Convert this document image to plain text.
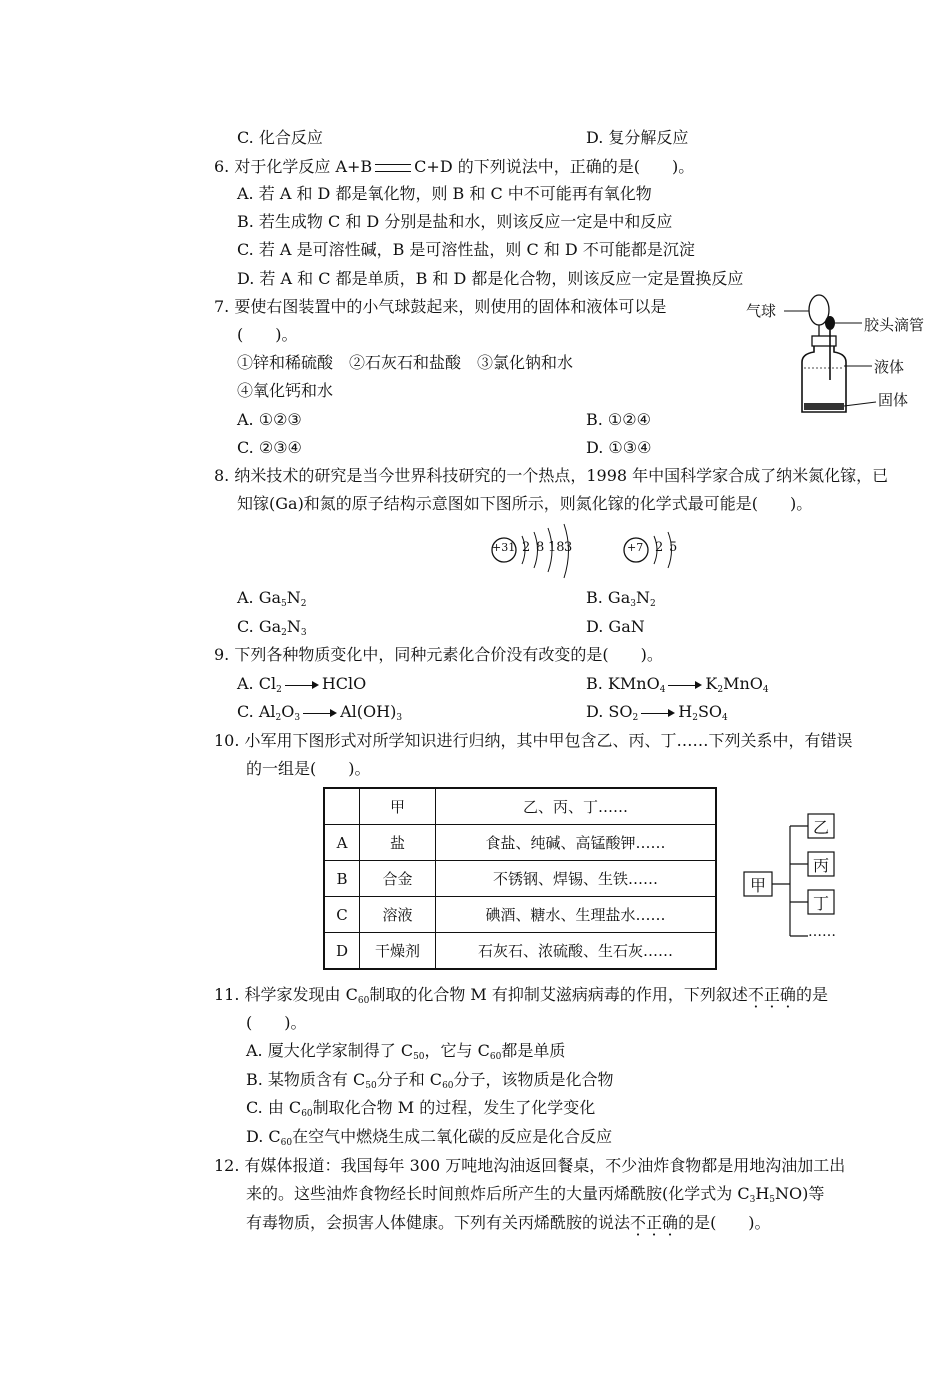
C. 化合反应	D. 复分解反应
6. 对于化学反应 A+B	C+D 的下列说法中，正确的是(　　)。
A. 若 A 和 D 都是氧化物，则 B 和 C 中不可能再有氧化物
B. 若生成物 C 和 D 分别是盐和水，则该反应一定是中和反应
C. 若 A 是可溶性碱，B 是可溶性盐，则 C 和 D 不可能都是沉淀
D. 若 A 和 C 都是单质，B 和 D 都是化合物，则该反应一定是置换反应
7. 要使右图装置中的小气球鼓起来，则使用的固体和液体可以是
(　　)。
①锌和稀硫酸　②石灰石和盐酸　③氯化钠和水
④氧化钙和水
A. ①②③	B. ①②④
C. ②③④	D. ①③④
气球
胶头滴管
液体
固体
8. 纳米技术的研究是当今世界科技研究的一个热点，1998 年中国科学家合成了纳米氮化镓，已
知镓(Ga)和氮的原子结构示意图如下图所示，则氮化镓的化学式最可能是(　　)。
+31 2 8 18 3	+7 2 5
A. $Ga_5N_2$	B. $Ga_3N_2$
C. $Ga_2N_3$	D. GaN
9. 下列各种物质变化中，同种元素化合价没有改变的是(　　)。
A. $Cl_2$	HClO	B. KMnO$_4$	$K_2MnO_4$
C. $Al_2O_3$	$Al(OH)_3$	D. $SO_2$	$H_2SO_4$
10. 小军用下图形式对所学知识进行归纳，其中甲包含乙、丙、丁……下列关系中，有错误
的一组是(　　)。
	甲	乙、丙、丁……
A	盐	食盐、纯碱、高锰酸钾……
B	合金	不锈钢、焊锡、生铁……
C	溶液	碘酒、糖水、生理盐水……
D	干燥剂	石灰石、浓硫酸、生石灰……
甲
乙
丙
丁
……
11. 科学家发现由 $C_{60}$制取的化合物 M 有抑制艾滋病病毒的作用，下列叙述不正确的是
(　　)。
A. 厦大化学家制得了 $C_{50}$，它与 $C_{60}$都是单质
B. 某物质含有 $C_{50}$分子和 $C_{60}$分子，该物质是化合物
C. 由 $C_{60}$制取化合物 M 的过程，发生了化学变化
D. $C_{60}$在空气中燃烧生成二氧化碳的反应是化合反应
12. 有媒体报道：我国每年 300 万吨地沟油返回餐桌，不少油炸食物都是用地沟油加工出
来的。这些油炸食物经长时间煎炸后所产生的大量丙烯酰胺(化学式为 $C_3H_5NO$)等
有毒物质，会损害人体健康。下列有关丙烯酰胺的说法不正确的是(　　)。
